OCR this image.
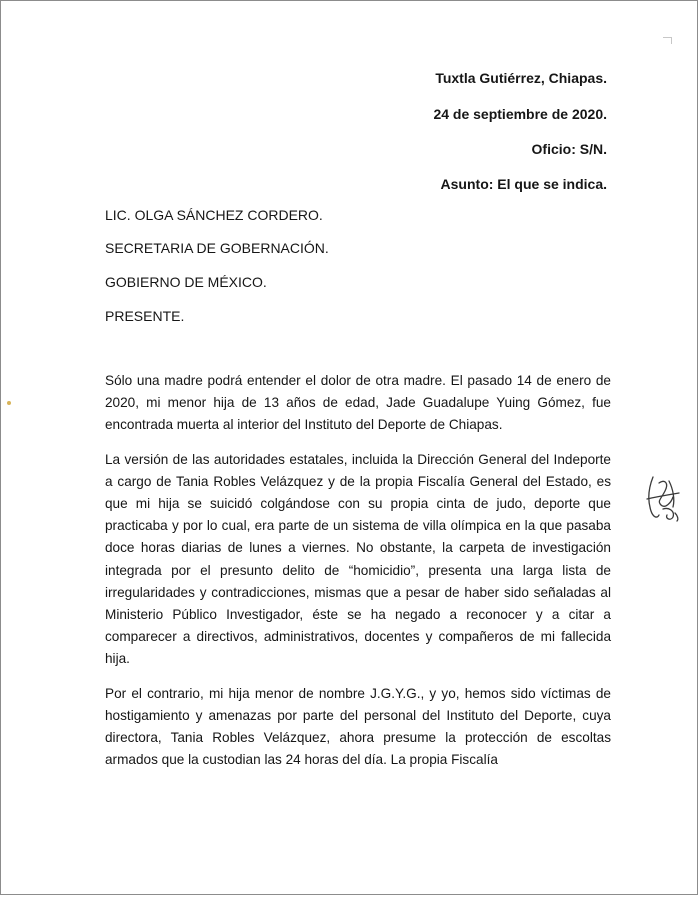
Tuxtla Gutiérrez, Chiapas.
24 de septiembre de 2020.
Oficio: S/N.
Asunto: El que se indica.
LIC. OLGA SÁNCHEZ CORDERO.
SECRETARIA DE GOBERNACIÓN.
GOBIERNO DE MÉXICO.
PRESENTE.

Sólo una madre podrá entender el dolor de otra madre. El pasado 14 de enero de 2020, mi menor hija de 13 años de edad, Jade Guadalupe Yuing Gómez, fue encontrada muerta al interior del Instituto del Deporte de Chiapas.

La versión de las autoridades estatales, incluida la Dirección General del Indeporte a cargo de Tania Robles Velázquez y de la propia Fiscalía General del Estado, es que mi hija se suicidó colgándose con su propia cinta de judo, deporte que practicaba y por lo cual, era parte de un sistema de villa olímpica en la que pasaba doce horas diarias de lunes a viernes. No obstante, la carpeta de investigación integrada por el presunto delito de “homicidio”, presenta una larga lista de irregularidades y contradicciones, mismas que a pesar de haber sido señaladas al Ministerio Público Investigador, éste se ha negado a reconocer y a citar a comparecer a directivos, administrativos, docentes y compañeros de mi fallecida hija.

Por el contrario, mi hija menor de nombre J.G.Y.G., y yo, hemos sido víctimas de hostigamiento y amenazas por parte del personal del Instituto del Deporte, cuya directora, Tania Robles Velázquez, ahora presume la protección de escoltas armados que la custodian las 24 horas del día. La propia Fiscalía
